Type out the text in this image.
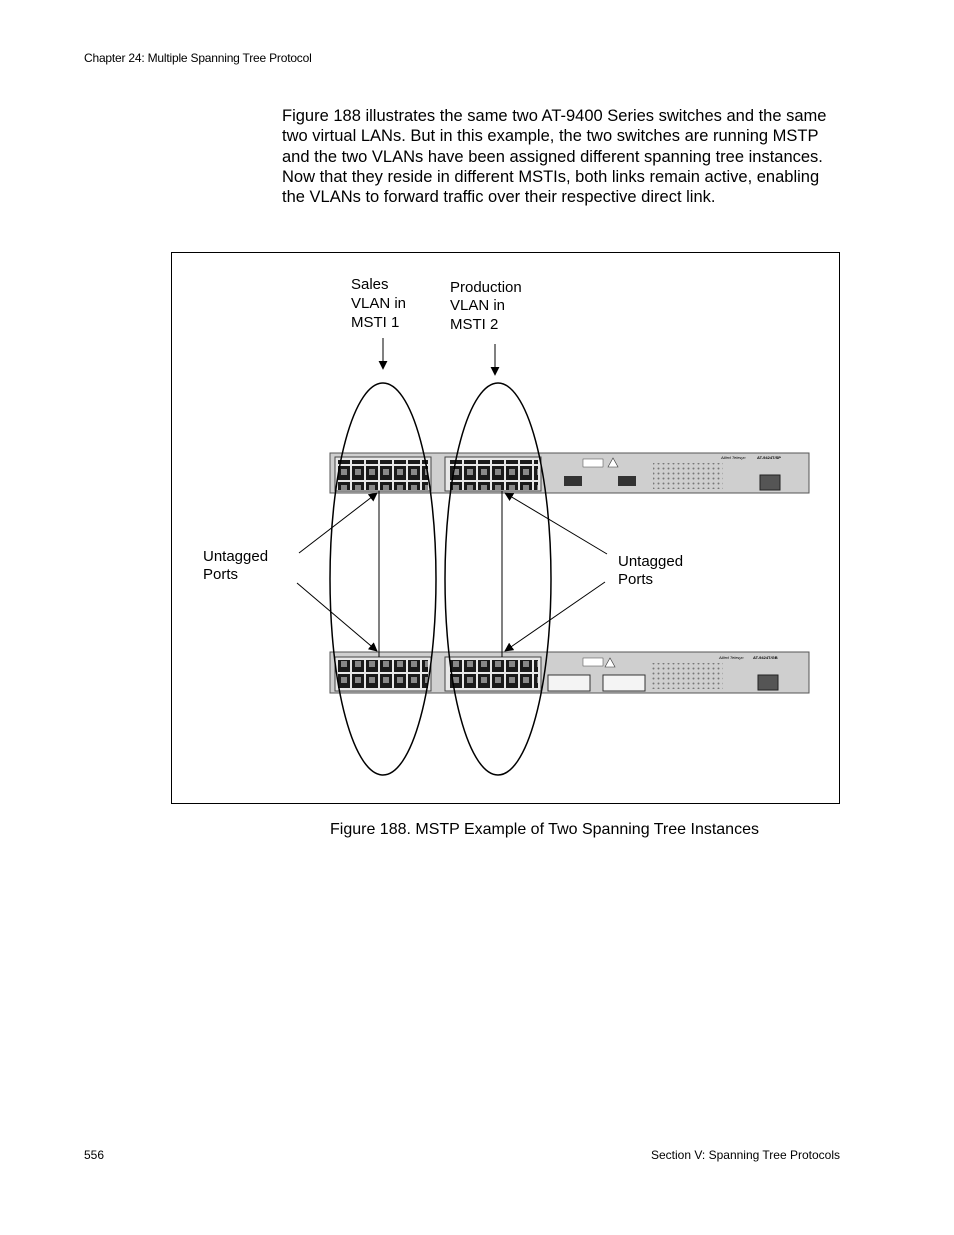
Chapter 24: Multiple Spanning Tree Protocol
Figure 188 illustrates the same two AT-9400 Series switches and the same two virtual LANs. But in this example, the two switches are running MSTP and the two VLANs have been assigned different spanning tree instances. Now that they reside in different MSTIs, both links remain active, enabling the VLANs to forward traffic over their respective direct link.
Allied Telesyn	AT-9424T/SP
Allied Telesyn AT-9424T/GB
Sales VLAN in MSTI 1
Production VLAN in MSTI 2
Untagged Ports
Untagged Ports
Figure 188. MSTP Example of Two Spanning Tree Instances
556	Section V: Spanning Tree Protocols
